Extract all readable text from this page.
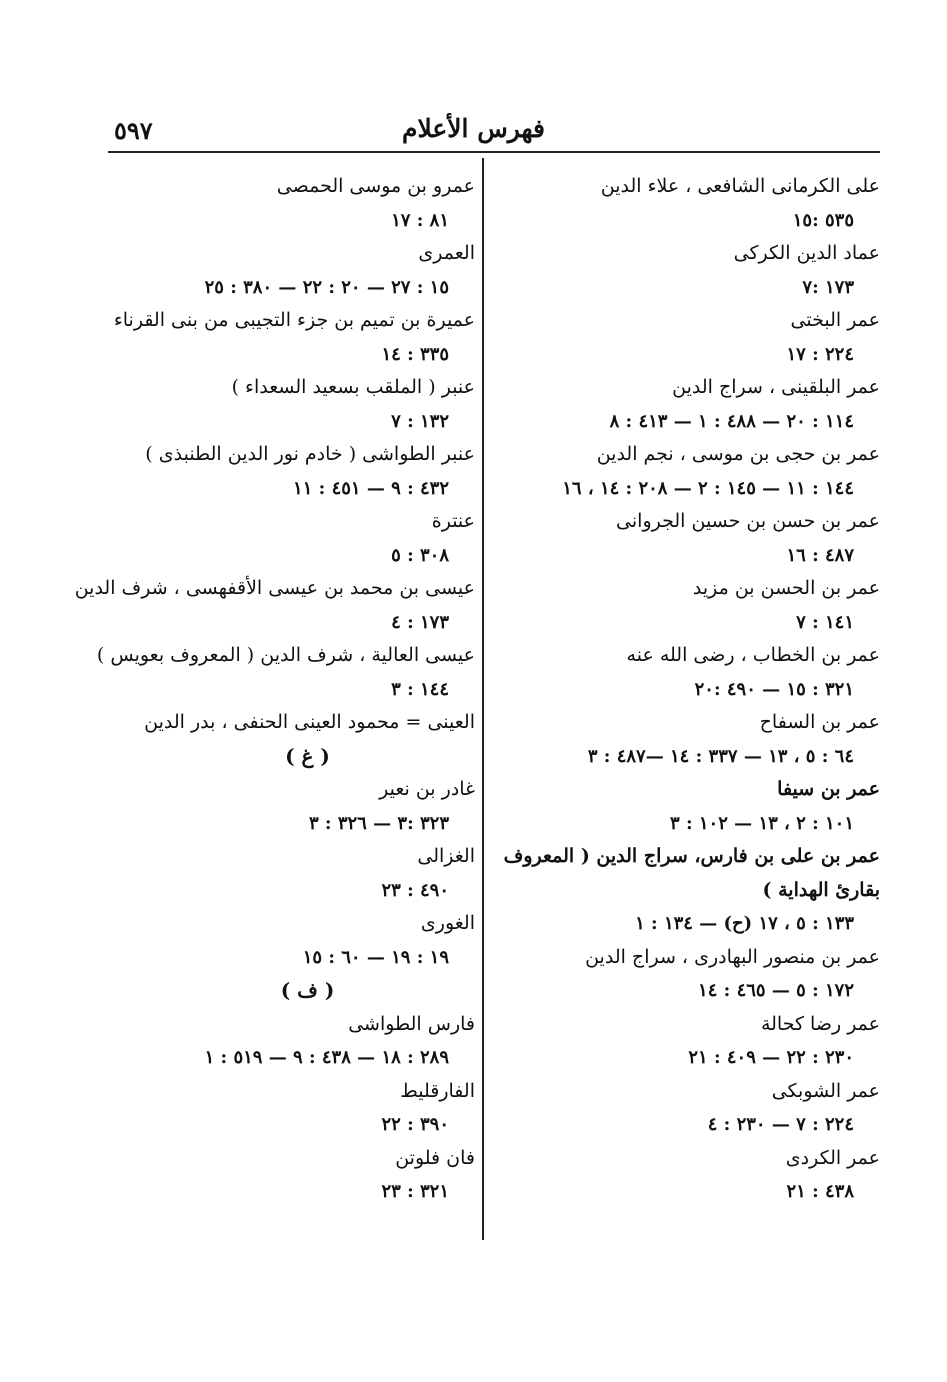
٥٩٧	فهرس الأعلام
على الكرمانى الشافعى ، علاء الدين
٥٣٥ :١٥
عماد الدين الكركى
١٧٣ :٧
عمر البختى
٢٢٤ : ١٧
عمر البلقينى ، سراج الدين
١١٤ : ٢٠ — ٤٨٨ : ١ — ٤١٣ : ٨
عمر بن حجى بن موسى ، نجم الدين
١٤٤ : ١١ — ١٤٥ : ٢ — ٢٠٨ : ١٤ ، ١٦
عمر بن حسن بن حسين الجروانى
٤٨٧ : ١٦
عمر بن الحسن بن مزيد
١٤١ : ٧
عمر بن الخطاب ، رضى الله عنه
٣٢١ : ١٥ — ٤٩٠ :٢٠
عمر بن السفاح
٦٤ : ٥ ، ١٣ — ٣٣٧ : ١٤ —٤٨٧ : ٣
عمر بن سيفا
١٠١ : ٢ ، ١٣ — ١٠٢ : ٣
عمر بن على بن فارس، سراج الدين ( المعروف بقارئ الهداية )
١٣٣ : ٥ ، ١٧ (ح) — ١٣٤ : ١
عمر بن منصور البهادرى ، سراج الدين
١٧٢ : ٥ — ٤٦٥ : ١٤
عمر رضا كحالة
٢٣٠ : ٢٢ — ٤٠٩ : ٢١
عمر الشوبكى
٢٢٤ : ٧ — ٢٣٠ : ٤
عمر الكردى
٤٣٨ : ٢١
عمرو بن موسى الحمصى
٨١ : ١٧
العمرى
١٥ : ٢٧ — ٢٠ : ٢٢ — ٣٨٠ : ٢٥
عميرة بن تميم بن جزء التجيبى من بنى القرناء
٣٣٥ : ١٤
عنبر ( الملقب بسعيد السعداء )
١٣٢ : ٧
عنبر الطواشى ( خادم نور الدين الطنبذى )
٤٣٢ : ٩ — ٤٥١ : ١١
عنترة
٣٠٨ : ٥
عيسى بن محمد بن عيسى الأقفهسى ، شرف الدين
١٧٣ : ٤
عيسى العالية ، شرف الدين ( المعروف بعويس )
١٤٤ : ٣
العينى = محمود العينى الحنفى ، بدر الدين
( غ )
غادر بن نعير
٣٢٣ :٣ — ٣٢٦ : ٣
الغزالى
٤٩٠ : ٢٣
الغورى
١٩ : ١٩ — ٦٠ : ١٥
( ف )
فارس الطواشى
٢٨٩ : ١٨ — ٤٣٨ : ٩ — ٥١٩ : ١
الفارقليط
٣٩٠ : ٢٢
فان فلوتن
٣٢١ : ٢٣
